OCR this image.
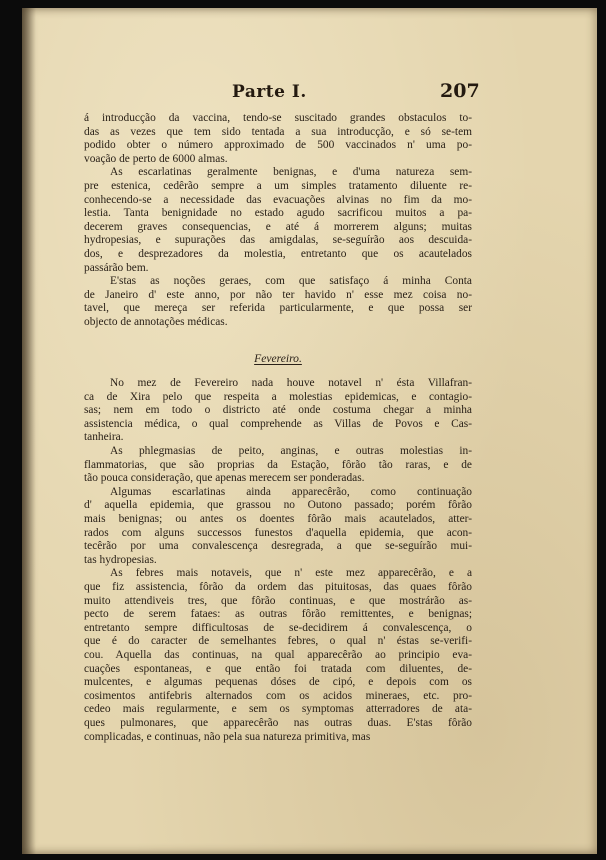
Parte I.	207
á introducção da vaccina, tendo-se suscitado grandes obstaculos to-
das as vezes que tem sido tentada a sua introducção, e só se-tem
podido obter o número approximado de 500 vaccinados n' uma po-
voação de perto de 6000 almas.
As escarlatinas geralmente benignas, e d'uma natureza sem-
pre estenica, cedêrão sempre a um simples tratamento diluente re-
conhecendo-se a necessidade das evacuações alvinas no fim da mo-
lestia. Tanta benignidade no estado agudo sacrificou muitos a pa-
decerem graves consequencias, e até á morrerem alguns; muitas
hydropesias, e supurações das amigdalas, se-seguírão aos descuida-
dos, e desprezadores da molestia, entretanto que os acautelados
passárão bem.
E'stas as noções geraes, com que satisfaço á minha Conta
de Janeiro d' este anno, por não ter havido n' esse mez coisa no-
tavel, que mereça ser referida particularmente, e que possa ser
objecto de annotações médicas.
Fevereiro.
No mez de Fevereiro nada houve notavel n' ésta Villafran-
ca de Xira pelo que respeita a molestias epidemicas, e contagio-
sas; nem em todo o districto até onde costuma chegar a minha
assistencia médica, o qual comprehende as Villas de Povos e Cas-
tanheira.
As phlegmasias de peito, anginas, e outras molestias in-
flammatorias, que são proprias da Estação, fôrão tão raras, e de
tão pouca consideração, que apenas merecem ser ponderadas.
Algumas escarlatinas ainda apparecêrão, como continuação
d' aquella epidemia, que grassou no Outono passado; porém fôrão
mais benignas; ou antes os doentes fôrão mais acautelados, atter-
rados com alguns successos funestos d'aquella epidemia, que acon-
tecêrão por uma convalescença desregrada, a que se-seguírão mui-
tas hydropesias.
As febres mais notaveis, que n' este mez apparecêrão, e a
que fiz assistencia, fôrão da ordem das pituitosas, das quaes fôrão
muito attendiveis tres, que fôrão continuas, e que mostrárão as-
pecto de serem fataes: as outras fôrão remittentes, e benignas;
entretanto sempre difficultosas de se-decidirem á convalescença, o
que é do caracter de semelhantes febres, o qual n' éstas se-verifi-
cou. Aquella das continuas, na qual apparecêrão ao principio eva-
cuações espontaneas, e que então foi tratada com diluentes, de-
mulcentes, e algumas pequenas dóses de cipó, e depois com os
cosimentos antifebris alternados com os acidos mineraes, etc. pro-
cedeo mais regularmente, e sem os symptomas atterradores de ata-
ques pulmonares, que apparecêrão nas outras duas. E'stas fôrão
complicadas, e continuas, não pela sua natureza primitiva, mas
